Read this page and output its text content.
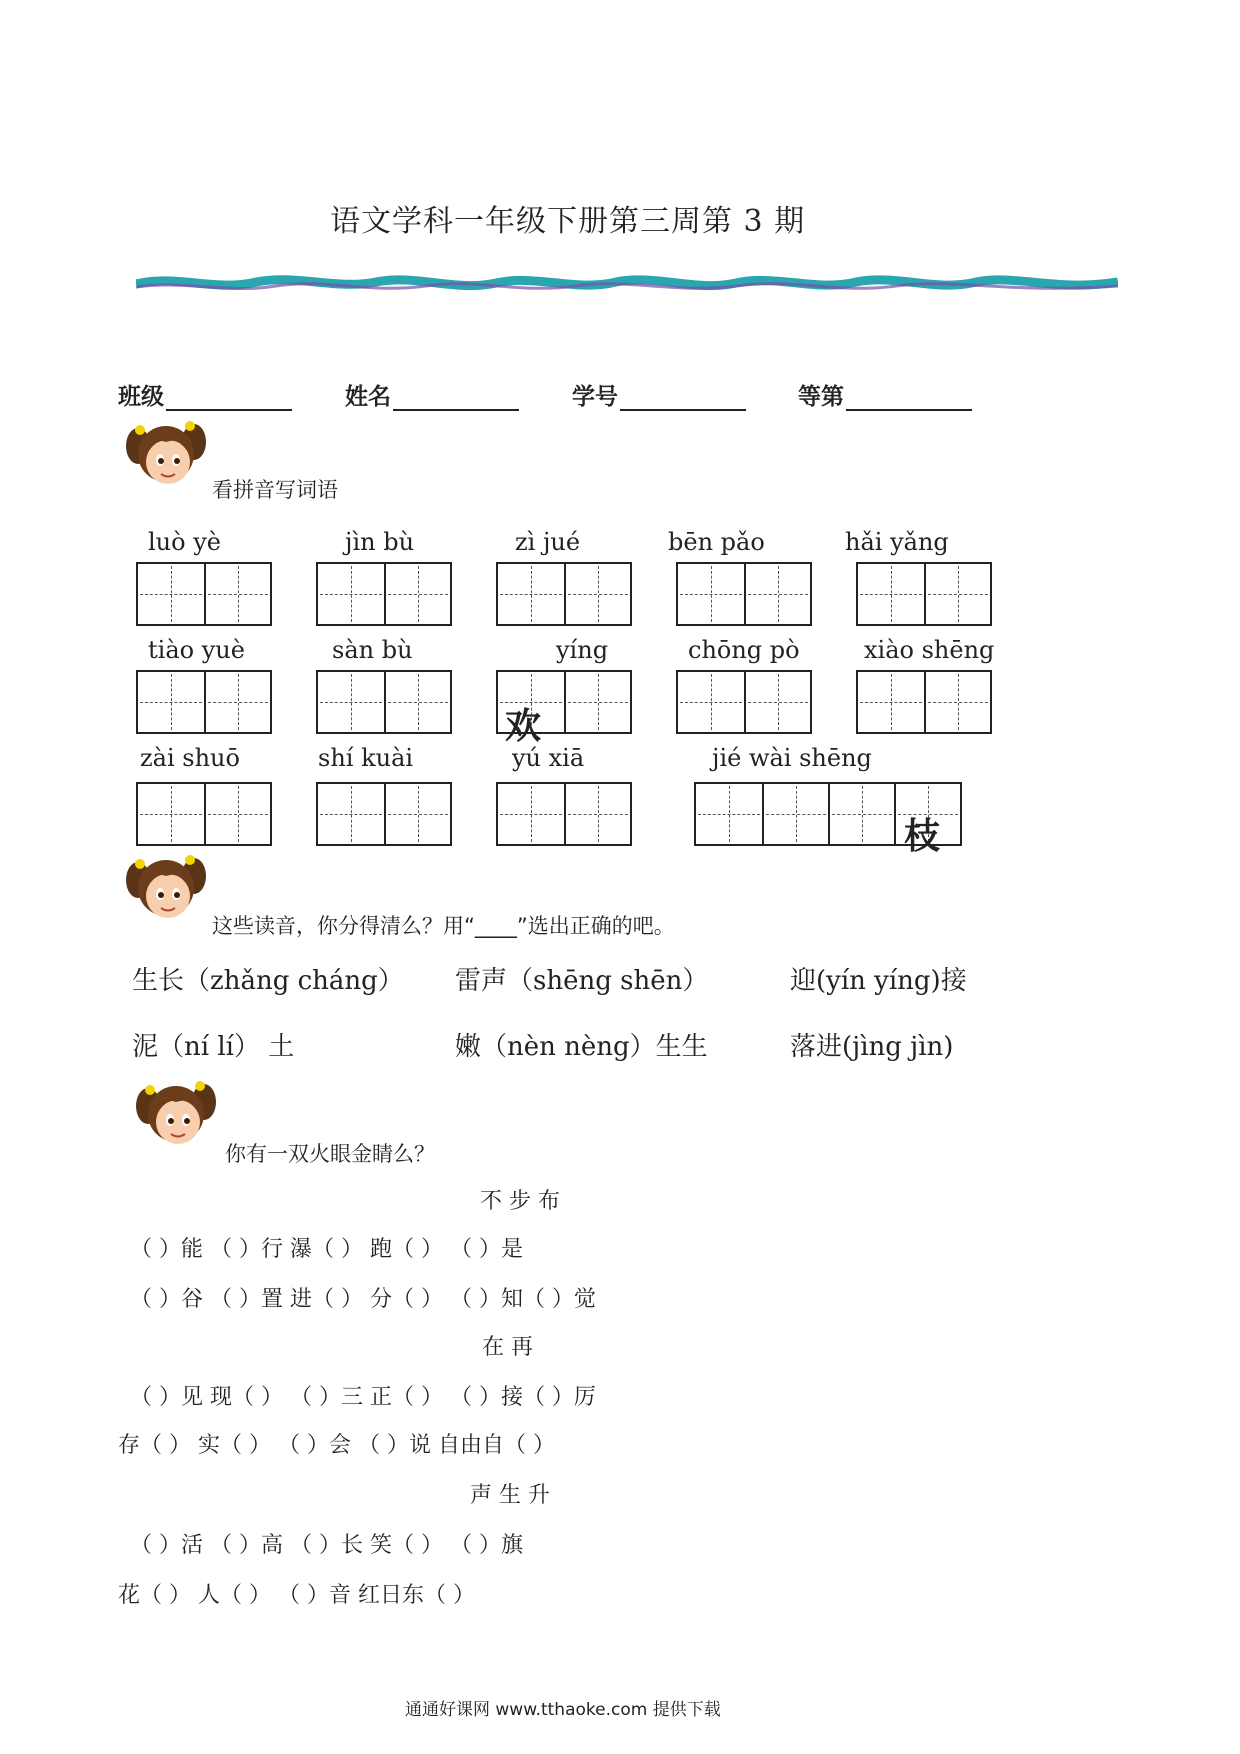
语文学科一年级下册第三周第 3 期
班级	姓名	学号	等第
看拼音写词语
luò yè	jìn bù	zì jué	bēn pǎo	hǎi yǎng
tiào yuè	sàn bù	yíng	chōng pò	xiào shēng
欢
zài shuō	shí kuài	yú xiā	jié wài shēng
枝
这些读音，你分得清么？用“____”选出正确的吧。
生长（zhǎng cháng） 雷声（shēng shēn）	迎(yín yíng)接
泥（ní lí） 土	嫩（nèn nèng）生生	落进(jìng jìn)
你有一双火眼金睛么？
不 步 布
（ ）能 （ ）行 瀑（ ） 跑（ ） （ ）是
（ ）谷 （ ）置 进（ ） 分（ ） （ ）知（ ）觉
在 再
（ ）见 现（ ） （ ）三 正（ ） （ ）接（ ）厉
存（ ） 实（ ） （ ）会 （ ）说 自由自（ ）
声 生 升
（ ）活 （ ）高 （ ）长 笑（ ） （ ）旗
花（ ） 人（ ） （ ）音 红日东（ ）
通通好课网 www.tthaoke.com 提供下载
